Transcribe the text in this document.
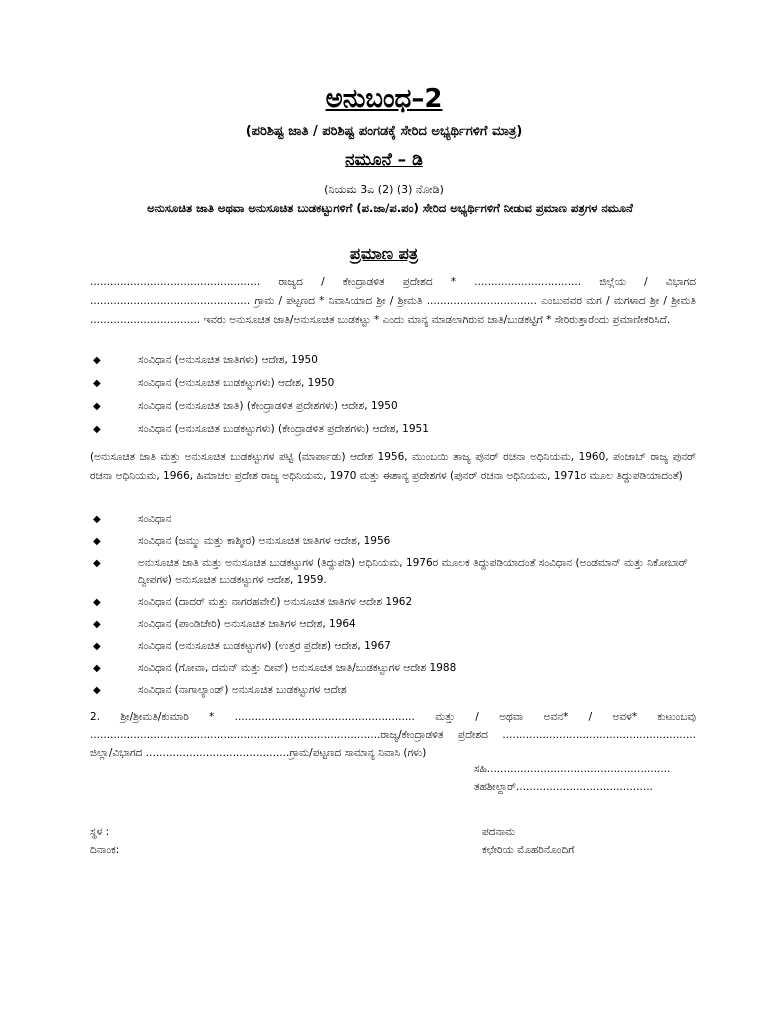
ಅನುಬಂಧ–2
(ಪರಿಶಿಷ್ಟ ಜಾತಿ / ಪರಿಶಿಷ್ಟ ಪಂಗಡಕ್ಕೆ ಸೇರಿದ ಅಭ್ಯರ್ಥಿಗಳಿಗೆ ಮಾತ್ರ)
ನಮೂನೆ – ಡಿ
(ನಿಯಮ 3ಎ (2) (3) ನೋಡಿ)
ಅನುಸೂಚಿತ ಜಾತಿ ಅಥವಾ ಅನುಸೂಚಿತ ಬುಡಕಟ್ಟುಗಳಿಗೆ (ಪ.ಜಾ/ಪ.ಪಂ) ಸೇರಿದ ಅಭ್ಯರ್ಥಿಗಳಿಗೆ ನೀಡುವ ಪ್ರಮಾಣ ಪತ್ರಗಳ ನಮೂನೆ
ಪ್ರಮಾಣ ಪತ್ರ
................................................... ರಾಜ್ಯದ / ಕೇಂದ್ರಾಡಳಿತ ಪ್ರದೇಶದ * ................................ ಜಿಲ್ಲೆಯ / ವಿಭಾಗದ ................................................ ಗ್ರಾಮ / ಪಟ್ಟಣದ * ನಿವಾಸಿಯಾದ ಶ್ರೀ / ಶ್ರೀಮತಿ ................................. ಎಂಬುವವರ ಮಗ / ಮಗಳಾದ ಶ್ರೀ / ಶ್ರೀಮತಿ ................................. ಇವರು ಅನುಸೂಚಿತ ಜಾತಿ/ಅನುಸೂಚಿತ ಬುಡಕಟ್ಟು * ಎಂದು ಮಾನ್ಯ ಮಾಡಲಾಗಿರುವ ಜಾತಿ/ಬುಡಕಟ್ಟಿಗೆ * ಸೇರಿರುತ್ತಾರೆಂದು ಪ್ರಮಾಣೀಕರಿಸಿದೆ.
◆	ಸಂವಿಧಾನ (ಅನುಸೂಚಿತ ಜಾತಿಗಳು) ಆದೇಶ, 1950
◆	ಸಂವಿಧಾನ (ಅನುಸೂಚಿತ ಬುಡಕಟ್ಟುಗಳು) ಆದೇಶ, 1950
◆	ಸಂವಿಧಾನ (ಅನುಸೂಚಿತ ಜಾತಿ) (ಕೇಂದ್ರಾಡಳಿತ ಪ್ರದೇಶಗಳು) ಆದೇಶ, 1950
◆	ಸಂವಿಧಾನ (ಅನುಸೂಚಿತ ಬುಡಕಟ್ಟುಗಳು) (ಕೇಂದ್ರಾಡಳಿತ ಪ್ರದೇಶಗಳು) ಆದೇಶ, 1951
(ಅನುಸೂಚಿತ ಜಾತಿ ಮತ್ತು ಅನುಸೂಚಿತ ಬುಡಕಟ್ಟುಗಳ ಪಟ್ಟಿ (ಮಾರ್ಪಾಡು) ಆದೇಶ 1956, ಮುಂಬಯಿ ತಾಜ್ಯ ಪುನರ್ ರಚನಾ ಅಧಿನಿಯಮ, 1960, ಪಂಜಾಬ್ ರಾಜ್ಯ ಪುನರ್ ರಚನಾ ಅಧಿನಿಯಮ, 1966, ಹಿಮಾಚಲ ಪ್ರದೇಶ ರಾಜ್ಯ ಅಧಿನಿಯಮ, 1970 ಮತ್ತು ಈಶಾನ್ಯ ಪ್ರದೇಶಗಳ (ಪುನರ್ ರಚನಾ ಅಧಿನಿಯಮ, 1971ರ ಮೂಲ ತಿದ್ದುಪಡಿಯಾದಂತೆ)
◆	ಸಂವಿಧಾನ
◆	ಸಂವಿಧಾನ (ಜಮ್ಮು ಮತ್ತು ಕಾಶ್ಮೀರ) ಅನುಸೂಚಿತ ಜಾತಿಗಳ ಆದೇಶ, 1956
◆	ಅನುಸೂಚಿತ ಜಾತಿ ಮತ್ತು ಅನುಸೂಚಿತ ಬುಡಕಟ್ಟುಗಳ (ತಿದ್ದುಪಡಿ) ಅಧಿನಿಯಮ, 1976ರ ಮೂಲಕ ತಿದ್ದುಪಡಿಯಾದಂತೆ ಸಂವಿಧಾನ (ಅಂಡಮಾನ್ ಮತ್ತು ನಿಕೋಬಾರ್ ದ್ವೀಪಗಳ) ಅನುಸೂಚಿತ ಬುಡಕಟ್ಟುಗಳ ಆದೇಶ, 1959.
◆	ಸಂವಿಧಾನ (ದಾದರ್ ಮತ್ತು ನಾಗರಹವೇಲಿ) ಅನುಸೂಚಿತ ಜಾತಿಗಳ ಆದೇಶ 1962
◆	ಸಂವಿಧಾನ (ಪಾಂಡಿಚೇರಿ) ಅನುಸೂಚಿತ ಜಾತಿಗಳ ಆದೇಶ, 1964
◆	ಸಂವಿಧಾನ (ಅನುಸೂಚಿತ ಬುಡಕಟ್ಟುಗಳ) (ಉತ್ತರ ಪ್ರದೇಶ) ಆದೇಶ, 1967
◆	ಸಂವಿಧಾನ (ಗೋವಾ, ದಮನ್ ಮತ್ತು ದೀವ್) ಅನುಸೂಚಿತ ಜಾತಿ/ಬುಡಕಟ್ಟುಗಳ ಆದೇಶ 1988
◆	ಸಂವಿಧಾನ (ನಾಗಾಲ್ಯಾಂಡ್) ಅನುಸೂಚಿತ ಬುಡಕಟ್ಟುಗಳ ಆದೇಶ
2. ಶ್ರೀ/ಶ್ರೀಮತಿ/ಕುಮಾರಿ * ...................................................... ಮತ್ತು / ಅಥವಾ ಅವನ* / ಅವಳ* ಕುಟುಂಬವು .......................................................................................ರಾಜ್ಯ/ಕೇಂದ್ರಾಡಳಿತ ಪ್ರದೇಶದ .......................................................... ಜಿಲ್ಲಾ/ವಿಭಾಗದ ...........................................ಗ್ರಾಮ/ಪಟ್ಟಣದ ಸಾಮಾನ್ಯ ನಿವಾಸಿ (ಗಳು)
ಸಹಿ.......................................................
ತಹಶೀಲ್ದಾರ್.........................................
ಸ್ಥಳ :
ದಿನಾಂಕ:
ಪದನಾಮ
ಕಛೇರಿಯ ಮೊಹರಿನೊಂದಿಗೆ
